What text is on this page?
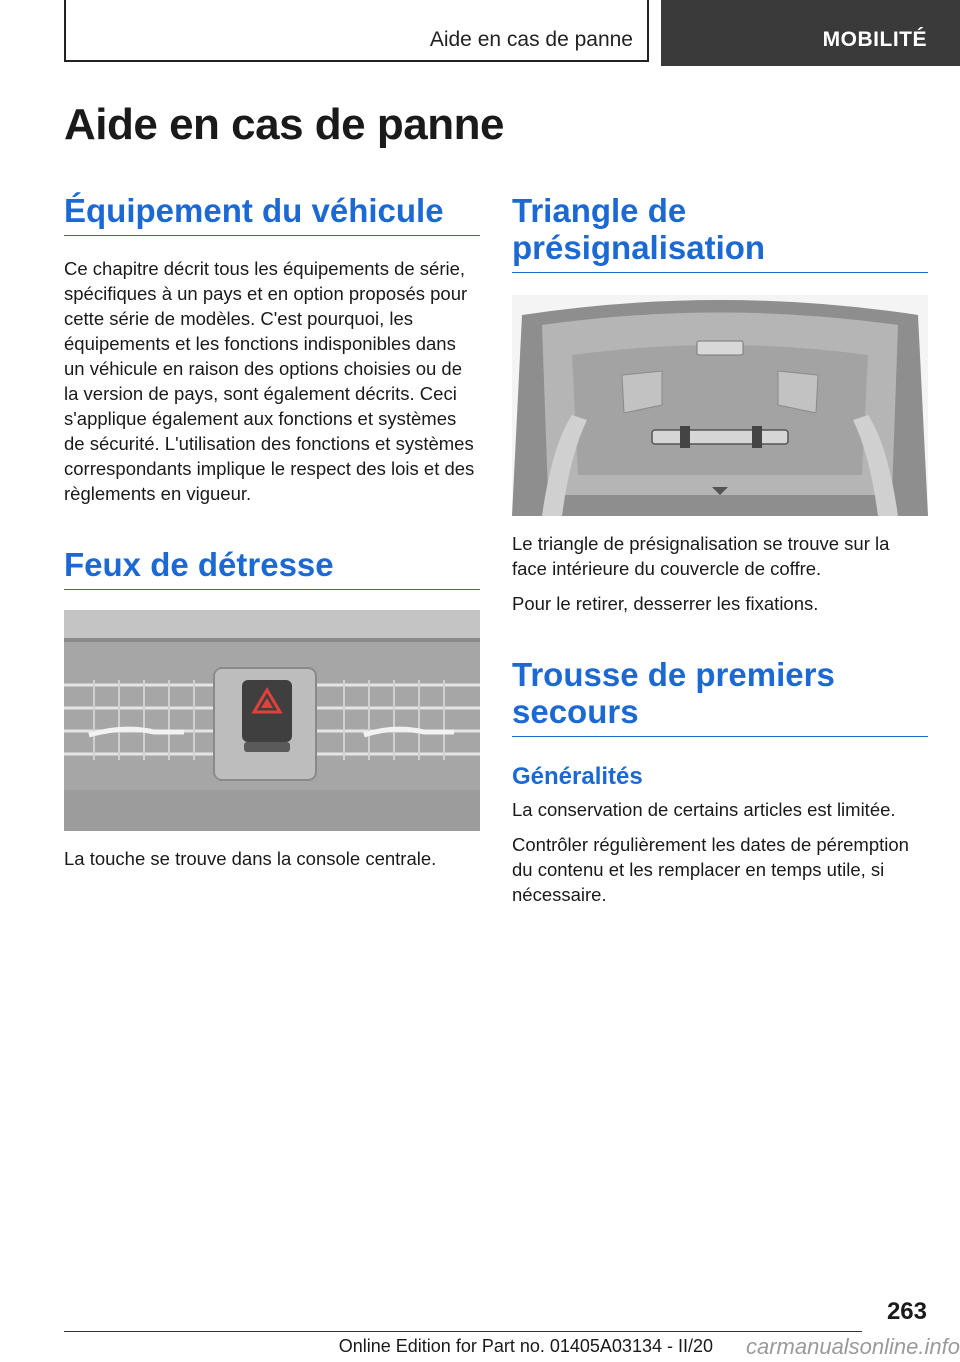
Aide en cas de panne	MOBILITÉ
Aide en cas de panne
Équipement du véhicule

Ce chapitre décrit tous les équipements de série, spécifiques à un pays et en option proposés pour cette série de modèles. C'est pourquoi, les équipements et les fonctions indisponibles dans un véhicule en raison des options choisies ou de la version de pays, sont également décrits. Ceci s'applique également aux fonctions et systèmes de sécurité. L'utilisation des fonctions et systèmes correspondants implique le respect des lois et des règlements en vigueur.

Feux de détresse

La touche se trouve dans la console centrale.

Triangle de présignalisation

Le triangle de présignalisation se trouve sur la face intérieure du couvercle de coffre.

Pour le retirer, desserrer les fixations.

Trousse de premiers secours
Généralités

La conservation de certains articles est limitée.

Contrôler régulièrement les dates de péremption du contenu et les remplacer en temps utile, si nécessaire.

263
Online Edition for Part no. 01405A03134 - II/20 carmanualsonline.info
